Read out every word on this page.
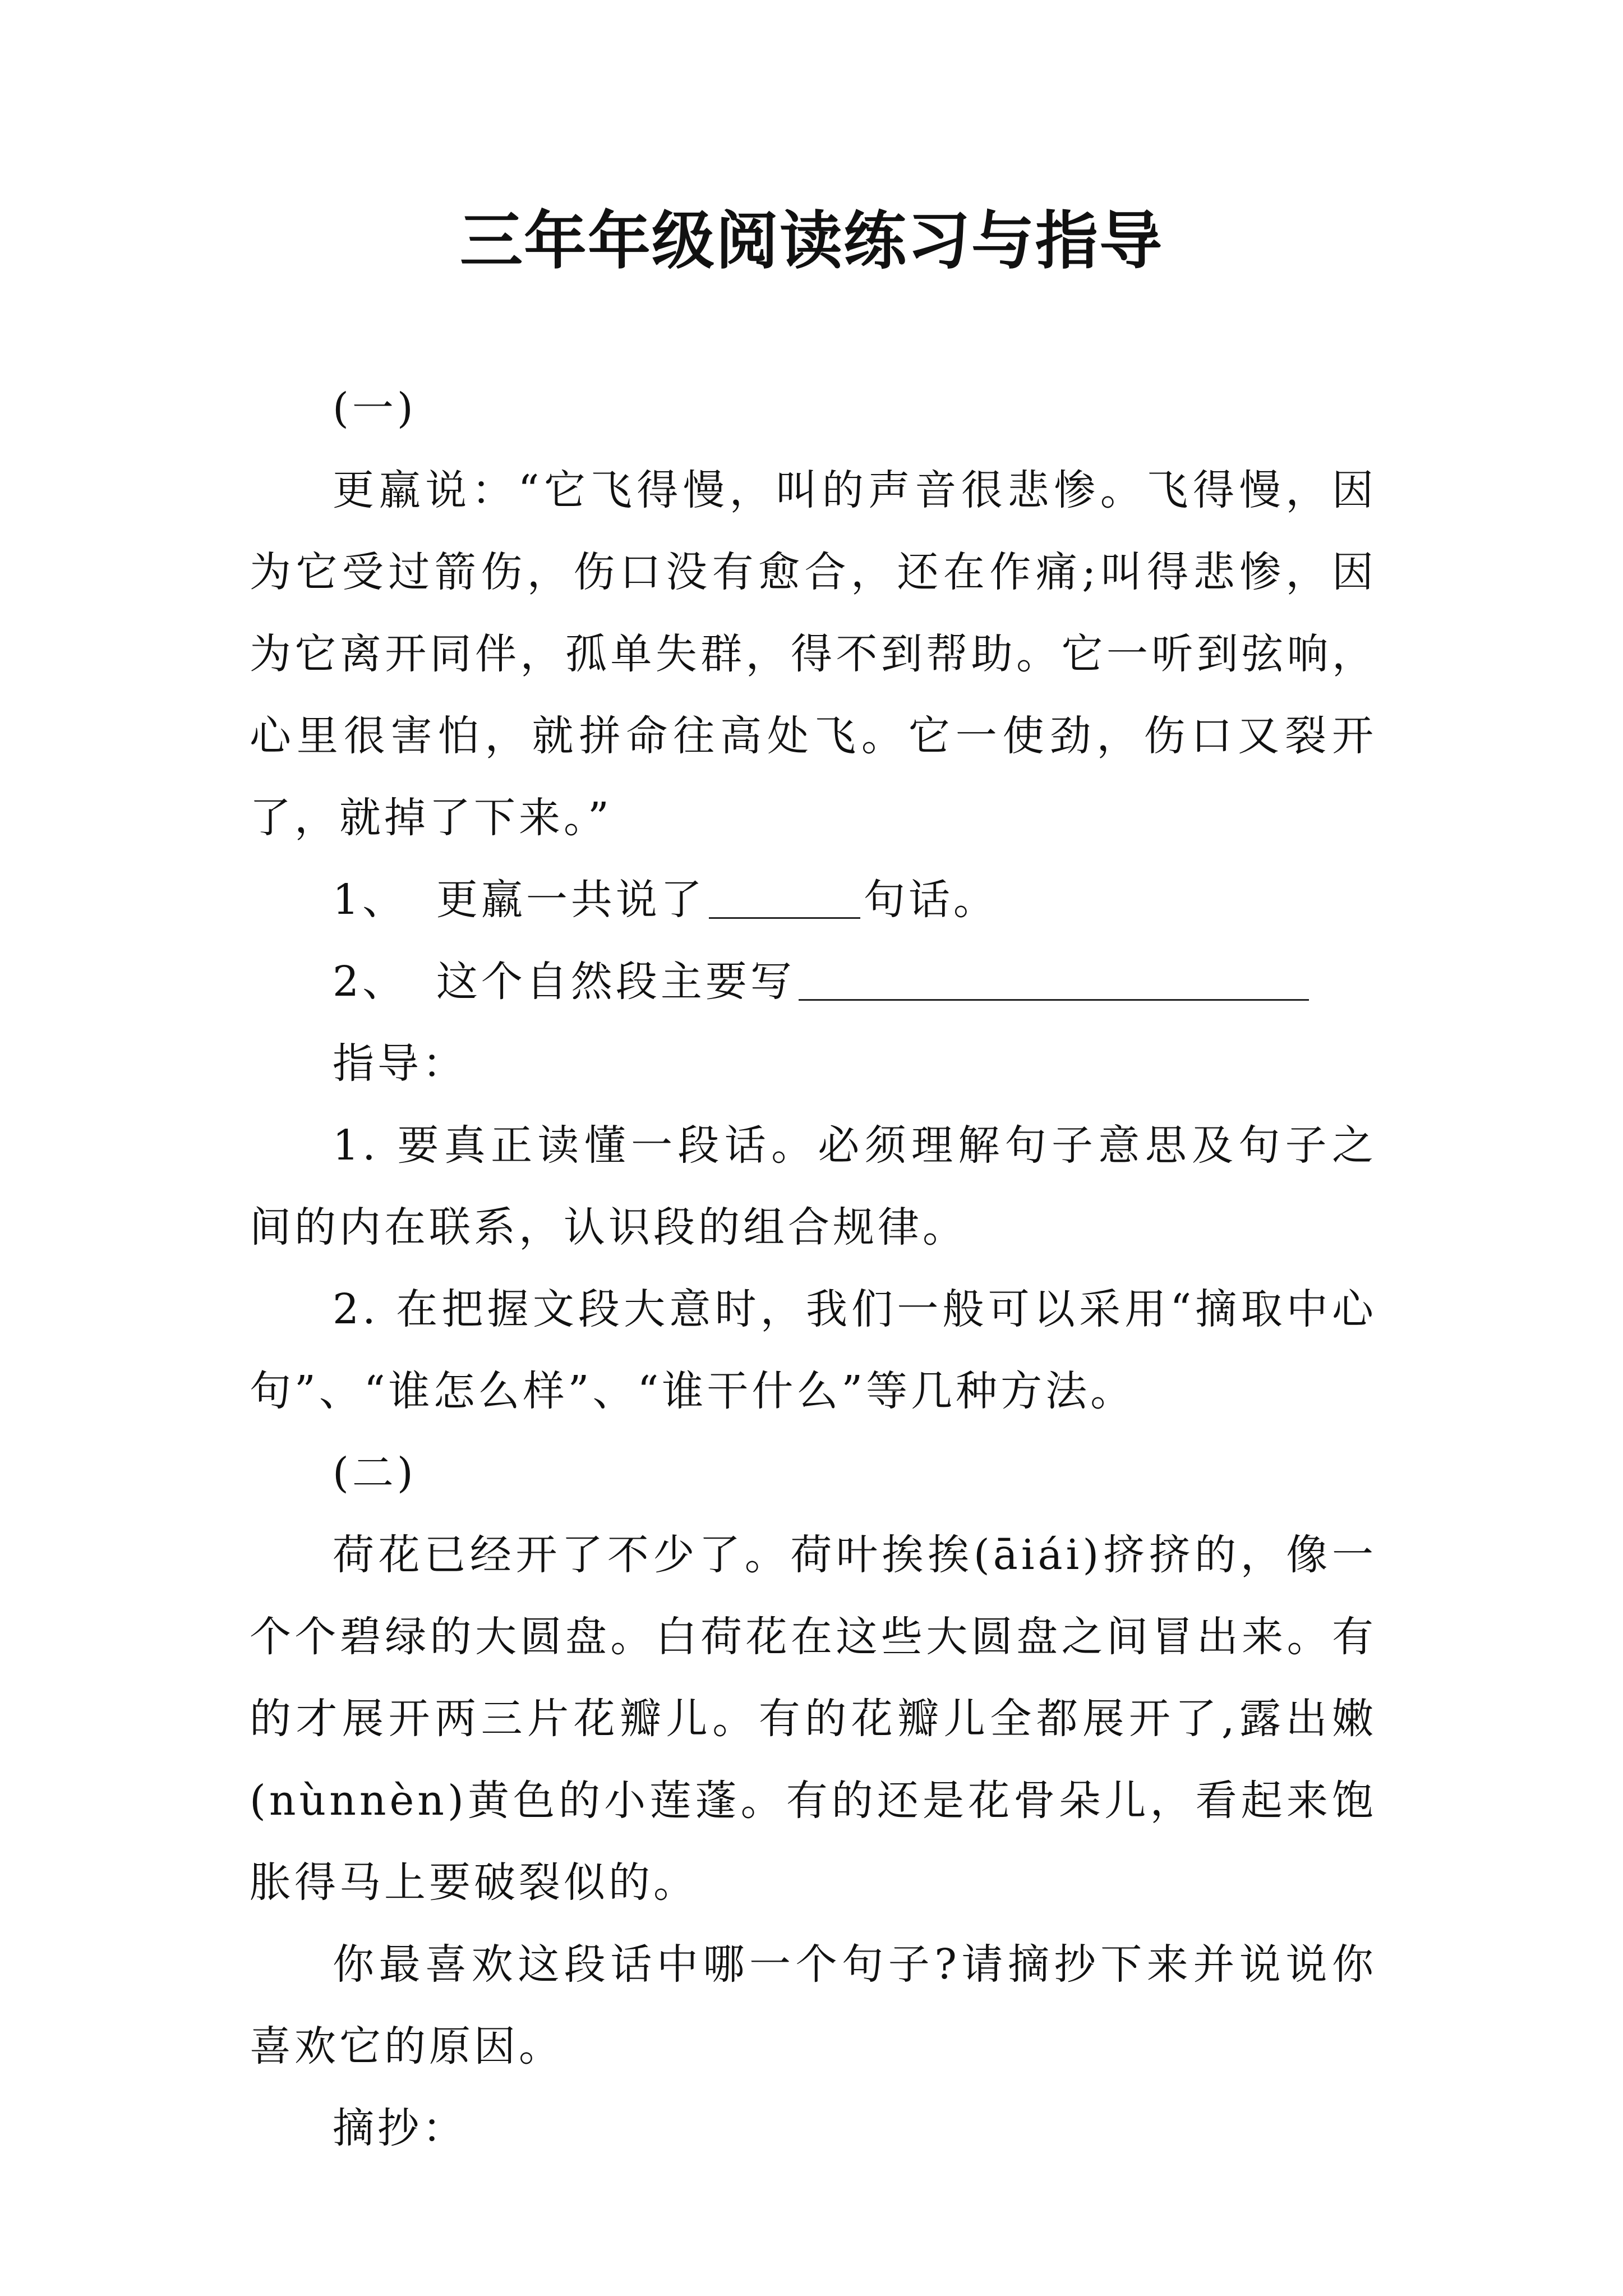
三年年级阅读练习与指导

(一)

更羸说：“它飞得慢，叫的声音很悲惨。飞得慢，因为它受过箭伤，伤口没有愈合，还在作痛;叫得悲惨，因为它离开同伴，孤单失群，得不到帮助。它一听到弦响，心里很害怕，就拼命往高处飞。它一使劲，伤口又裂开了，就掉了下来。”

1、 更羸一共说了	句话。

2、 这个自然段主要写

指导：

1. 要真正读懂一段话。必须理解句子意思及句子之间的内在联系，认识段的组合规律。

2. 在把握文段大意时，我们一般可以采用“摘取中心句”、“谁怎么样”、“谁干什么”等几种方法。

(二)

荷花已经开了不少了。荷叶挨挨(āiái)挤挤的，像一个个碧绿的大圆盘。白荷花在这些大圆盘之间冒出来。有的才展开两三片花瓣儿。有的花瓣儿全都展开了,露出嫩(nùnnèn)黄色的小莲蓬。有的还是花骨朵儿，看起来饱胀得马上要破裂似的。

你最喜欢这段话中哪一个句子?请摘抄下来并说说你喜欢它的原因。

摘抄：
